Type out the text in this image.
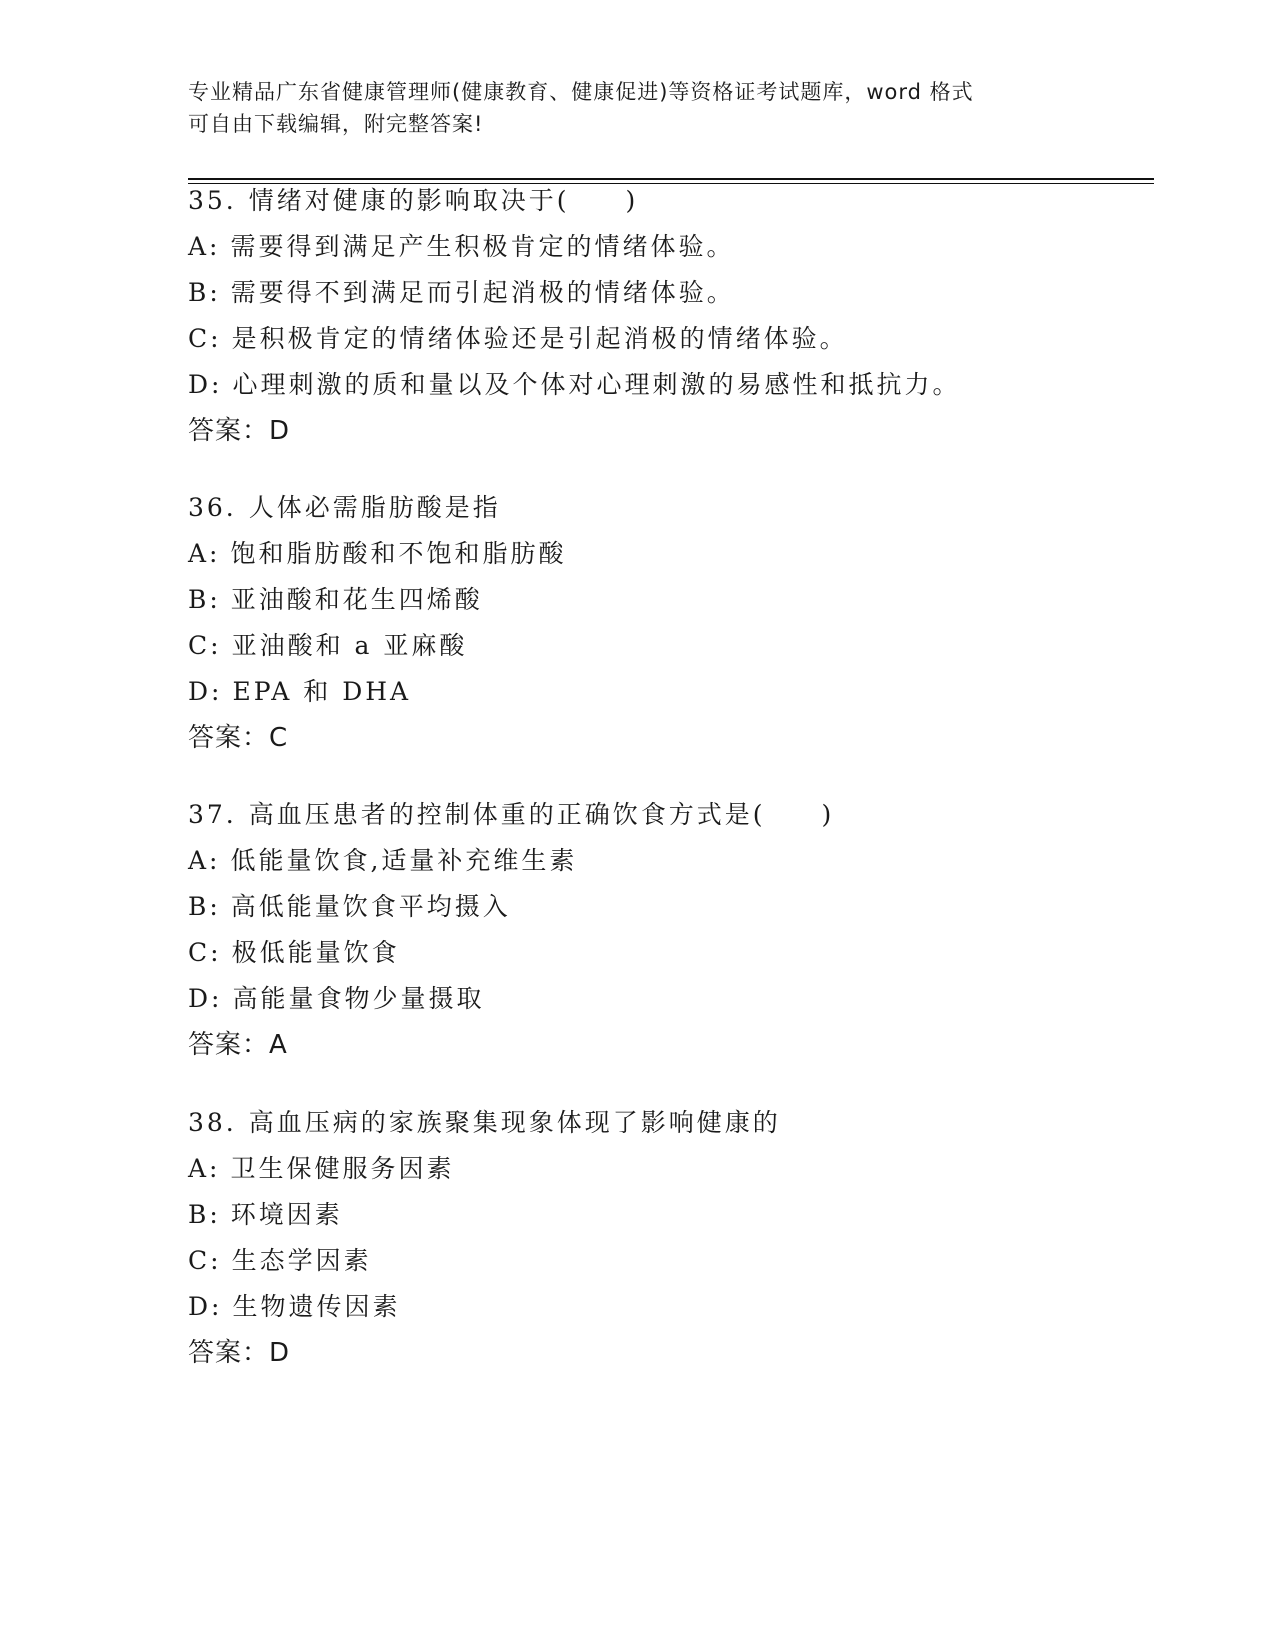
专业精品广东省健康管理师(健康教育、健康促进)等资格证考试题库，word 格式
可自由下载编辑，附完整答案!
35. 情绪对健康的影响取决于(　　)
A: 需要得到满足产生积极肯定的情绪体验。
B: 需要得不到满足而引起消极的情绪体验。
C: 是积极肯定的情绪体验还是引起消极的情绪体验。
D: 心理刺激的质和量以及个体对心理刺激的易感性和抵抗力。
答案：D
36. 人体必需脂肪酸是指
A: 饱和脂肪酸和不饱和脂肪酸
B: 亚油酸和花生四烯酸
C: 亚油酸和 a 亚麻酸
D: EPA 和 DHA
答案：C
37. 高血压患者的控制体重的正确饮食方式是(　　)
A: 低能量饮食,适量补充维生素
B: 高低能量饮食平均摄入
C: 极低能量饮食
D: 高能量食物少量摄取
答案：A
38. 高血压病的家族聚集现象体现了影响健康的
A: 卫生保健服务因素
B: 环境因素
C: 生态学因素
D: 生物遗传因素
答案：D
